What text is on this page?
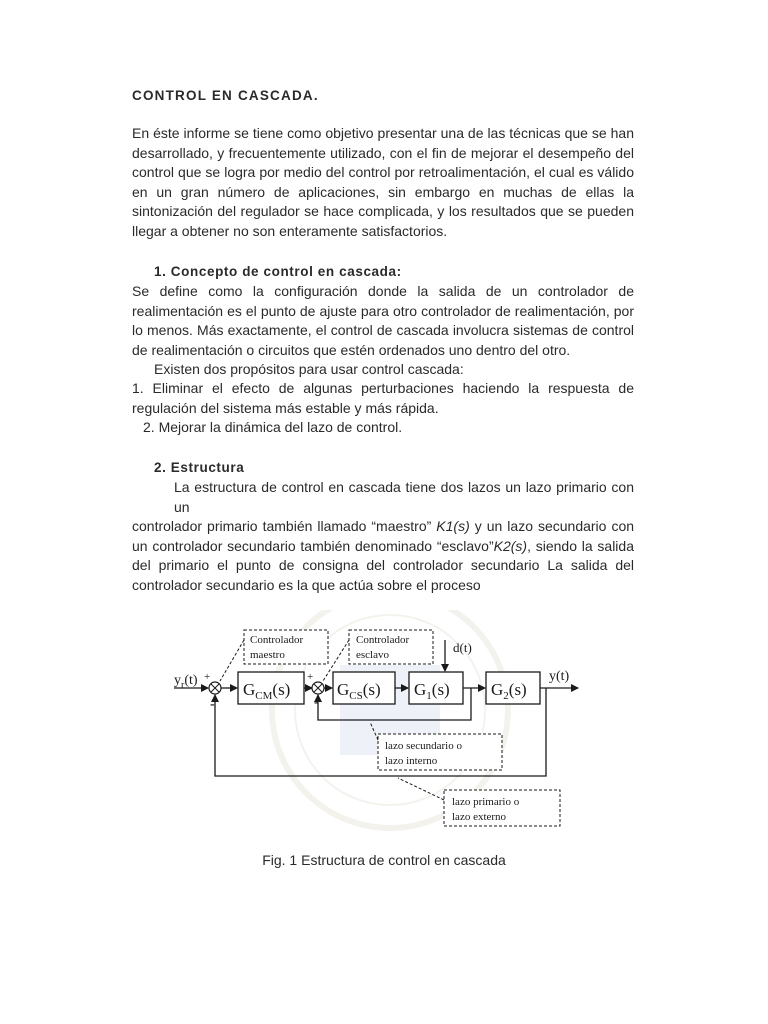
CONTROL EN CASCADA.

En éste informe se tiene como objetivo presentar una de las técnicas que se han desarrollado, y frecuentemente utilizado, con el fin de mejorar el desempeño del control que se logra por medio del control por retroalimentación, el cual es válido en un gran número de aplicaciones, sin embargo en muchas de ellas la sintonización del regulador se hace complicada, y los resultados que se pueden llegar a obtener no son enteramente satisfactorios.

1. Concepto de control en cascada:

Se define como la configuración donde la salida de un controlador de realimentación es el punto de ajuste para otro controlador de realimentación, por lo menos. Más exactamente, el control de cascada involucra sistemas de control de realimentación o circuitos que estén ordenados uno dentro del otro.

Existen dos propósitos para usar control cascada:

1. Eliminar el efecto de algunas perturbaciones haciendo la respuesta de regulación del sistema más estable y más rápida.

2. Mejorar la dinámica del lazo de control.

2. Estructura

La estructura de control en cascada tiene dos lazos un lazo primario con un
controlador primario también llamado “maestro” K1(s) y un lazo secundario con
un controlador secundario también denominado “esclavo”K2(s), siendo la salida
del primario el punto de consigna del controlador secundario La salida del
controlador secundario es la que actúa sobre el proceso
$y_r(t)$ +
-
$G_{CM}(s)$
+
-
$G_{CS}(s)$ $G_1(s)$ $G_2(s)$
y(t)
d(t)
Controlador
maestro
Controlador
esclavo
lazo secundario o
lazo interno
lazo primario o
lazo externo

Fig. 1 Estructura de control en cascada
